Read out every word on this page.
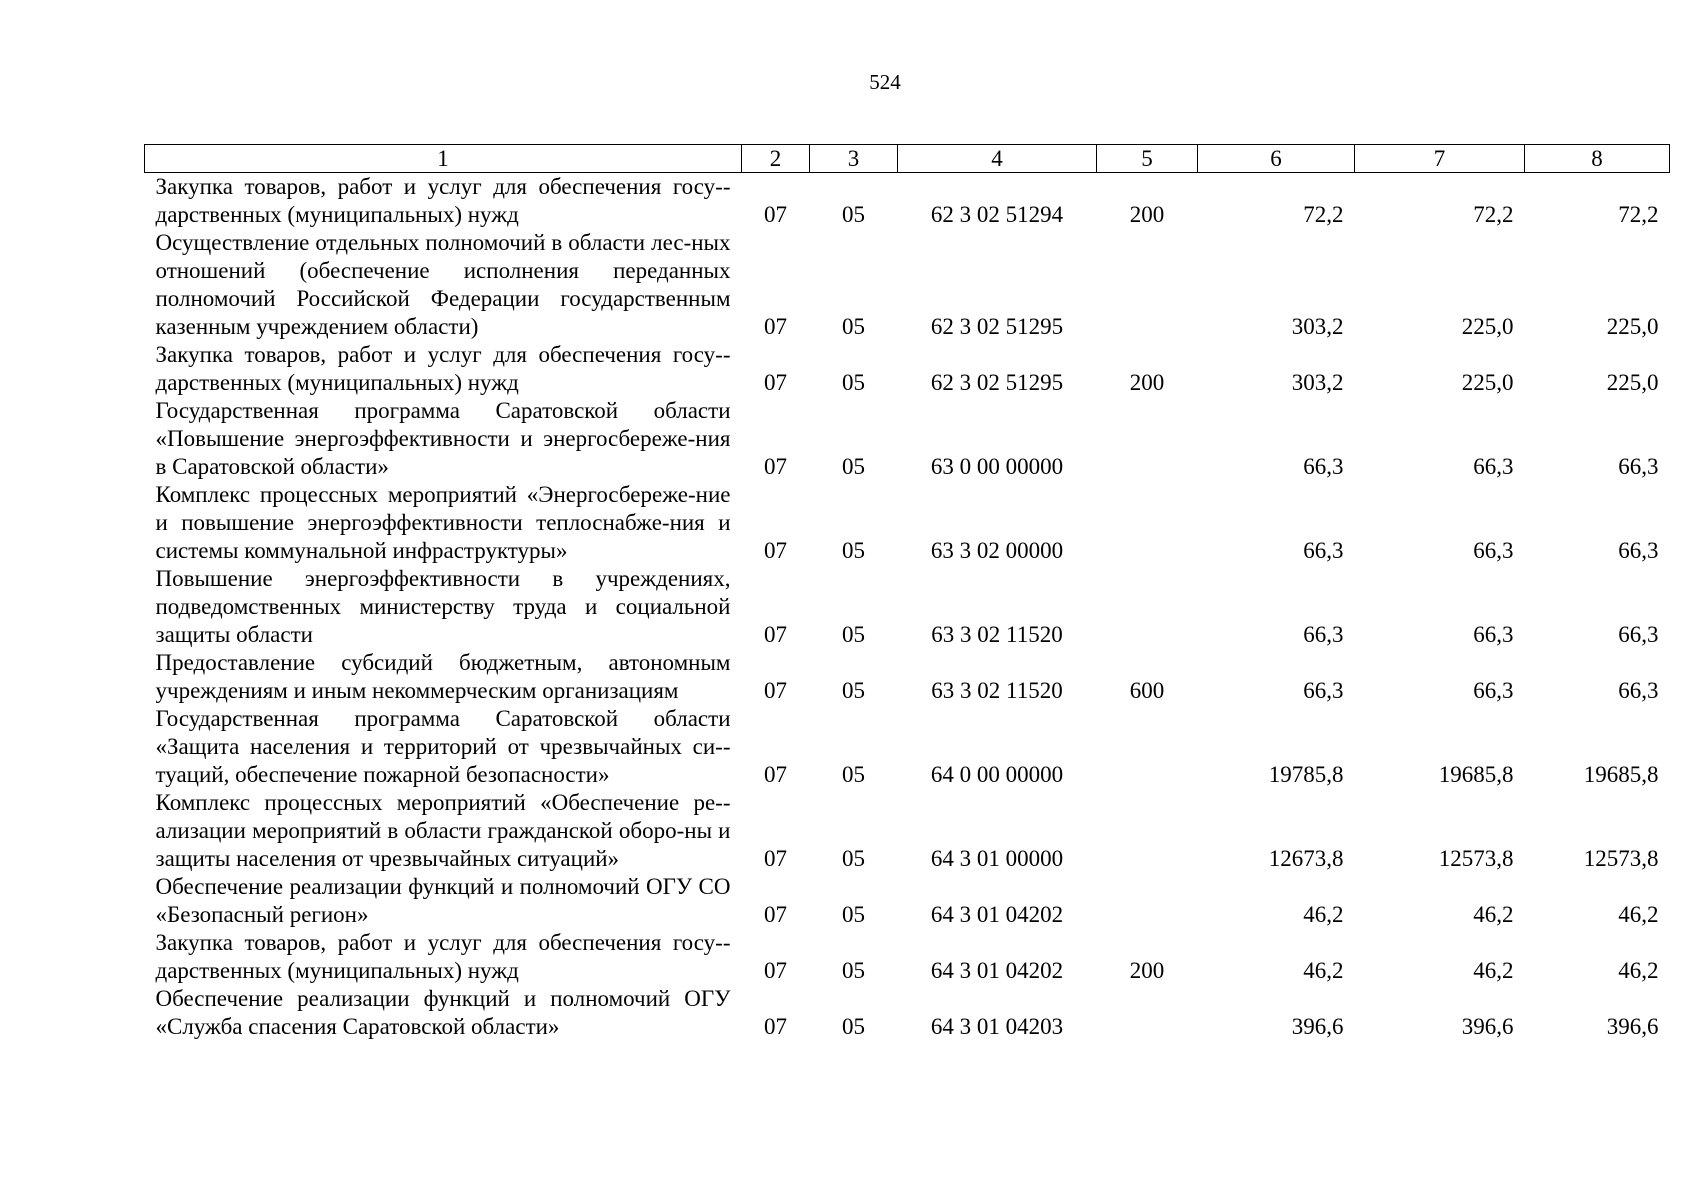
524
1	2	3	4	5	6	7	8
Закупка товаров, работ и услуг для обеспечения госу-дарственных (муниципальных) нужд	07	05	62 3 02 51294	200	72,2	72,2	72,2
Осуществление отдельных полномочий в области лес-ных отношений (обеспечение исполнения переданных полномочий Российской Федерации государственным казенным учреждением области)	07	05	62 3 02 51295		303,2	225,0	225,0
Закупка товаров, работ и услуг для обеспечения госу-дарственных (муниципальных) нужд	07	05	62 3 02 51295	200	303,2	225,0	225,0
Государственная программа Саратовской области «Повышение энергоэффективности и энергосбереже-ния в Саратовской области»	07	05	63 0 00 00000		66,3	66,3	66,3
Комплекс процессных мероприятий «Энергосбереже-ние и повышение энергоэффективности теплоснабже-ния и системы коммунальной инфраструктуры»	07	05	63 3 02 00000		66,3	66,3	66,3
Повышение энергоэффективности в учреждениях, подведомственных министерству труда и социальной защиты области	07	05	63 3 02 11520		66,3	66,3	66,3
Предоставление субсидий бюджетным, автономным учреждениям и иным некоммерческим организациям	07	05	63 3 02 11520	600	66,3	66,3	66,3
Государственная программа Саратовской области «Защита населения и территорий от чрезвычайных си-туаций, обеспечение пожарной безопасности»	07	05	64 0 00 00000		19785,8	19685,8	19685,8
Комплекс процессных мероприятий «Обеспечение ре-ализации мероприятий в области гражданской оборо-ны и защиты населения от чрезвычайных ситуаций»	07	05	64 3 01 00000		12673,8	12573,8	12573,8
Обеспечение реализации функций и полномочий ОГУ СО «Безопасный регион»	07	05	64 3 01 04202		46,2	46,2	46,2
Закупка товаров, работ и услуг для обеспечения госу-дарственных (муниципальных) нужд	07	05	64 3 01 04202	200	46,2	46,2	46,2
Обеспечение реализации функций и полномочий ОГУ «Служба спасения Саратовской области»	07	05	64 3 01 04203		396,6	396,6	396,6
